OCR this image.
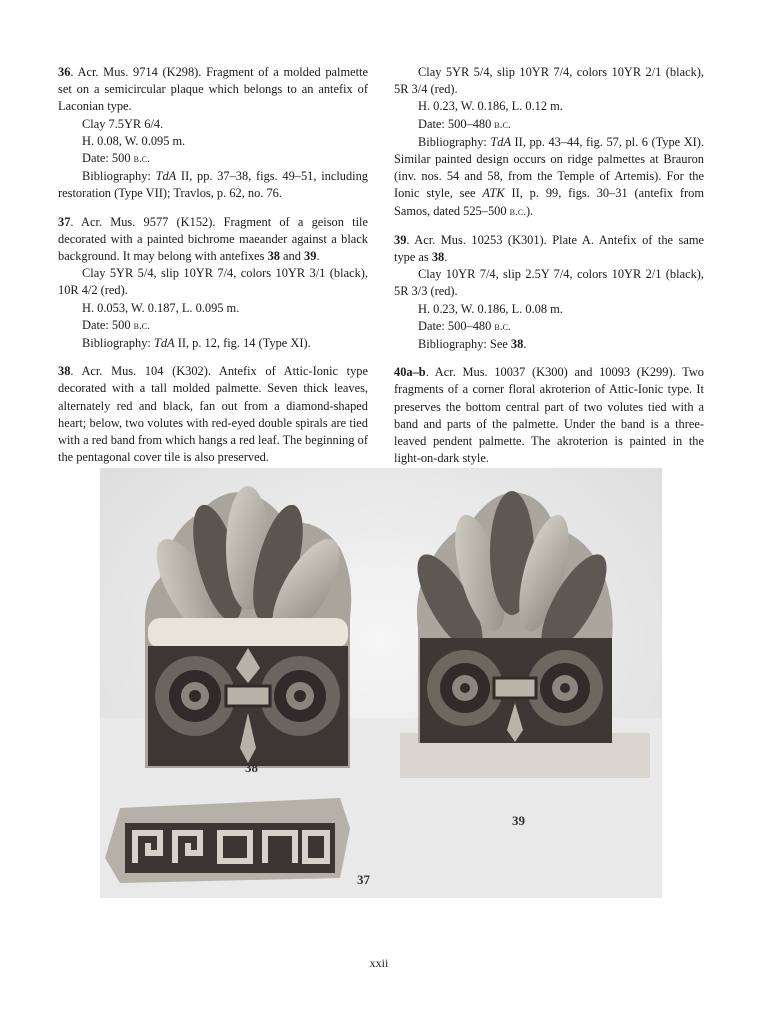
36. Acr. Mus. 9714 (K298). Fragment of a molded palmette set on a semicircular plaque which belongs to an antefix of Laconian type.
Clay 7.5YR 6/4.
H. 0.08, W. 0.095 m.
Date: 500 b.c.
Bibliography: TdA II, pp. 37–38, figs. 49–51, including restoration (Type VII); Travlos, p. 62, no. 76.
37. Acr. Mus. 9577 (K152). Fragment of a geison tile decorated with a painted bichrome maeander against a black background. It may belong with antefixes 38 and 39.
Clay 5YR 5/4, slip 10YR 7/4, colors 10YR 3/1 (black), 10R 4/2 (red).
H. 0.053, W. 0.187, L. 0.095 m.
Date: 500 b.c.
Bibliography: TdA II, p. 12, fig. 14 (Type XI).
38. Acr. Mus. 104 (K302). Antefix of Attic-Ionic type decorated with a tall molded palmette. Seven thick leaves, alternately red and black, fan out from a diamond-shaped heart; below, two volutes with red-eyed double spirals are tied with a red band from which hangs a red leaf. The beginning of the pentagonal cover tile is also preserved.
Clay 5YR 5/4, slip 10YR 7/4, colors 10YR 2/1 (black), 5R 3/4 (red).
H. 0.23, W. 0.186, L. 0.12 m.
Date: 500–480 b.c.
Bibliography: TdA II, pp. 43–44, fig. 57, pl. 6 (Type XI). Similar painted design occurs on ridge palmettes at Brauron (inv. nos. 54 and 58, from the Temple of Artemis). For the Ionic style, see ATK II, p. 99, figs. 30–31 (antefix from Samos, dated 525–500 b.c.).
39. Acr. Mus. 10253 (K301). Plate A. Antefix of the same type as 38.
Clay 10YR 7/4, slip 2.5Y 7/4, colors 10YR 2/1 (black), 5R 3/3 (red).
H. 0.23, W. 0.186, L. 0.08 m.
Date: 500–480 b.c.
Bibliography: See 38.
40a–b. Acr. Mus. 10037 (K300) and 10093 (K299). Two fragments of a corner floral akroterion of Attic-Ionic type. It preserves the bottom central part of two volutes tied with a band and parts of the palmette. Under the band is a three-leaved pendent palmette. The akroterion is painted in the light-on-dark style.
38
39
37
xxii
